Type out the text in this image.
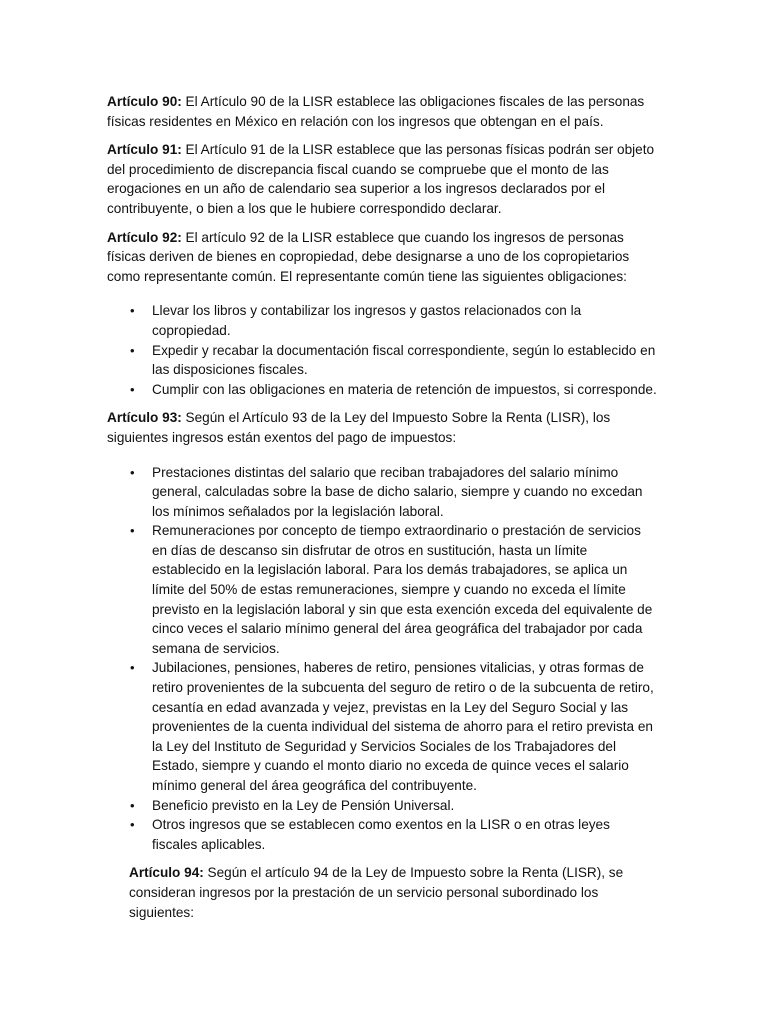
Artículo 90: El Artículo 90 de la LISR establece las obligaciones fiscales de las personas físicas residentes en México en relación con los ingresos que obtengan en el país.

Artículo 91: El Artículo 91 de la LISR establece que las personas físicas podrán ser objeto del procedimiento de discrepancia fiscal cuando se compruebe que el monto de las erogaciones en un año de calendario sea superior a los ingresos declarados por el contribuyente, o bien a los que le hubiere correspondido declarar.

Artículo 92: El artículo 92 de la LISR establece que cuando los ingresos de personas físicas deriven de bienes en copropiedad, debe designarse a uno de los copropietarios como representante común. El representante común tiene las siguientes obligaciones:

• Llevar los libros y contabilizar los ingresos y gastos relacionados con la copropiedad.
• Expedir y recabar la documentación fiscal correspondiente, según lo establecido en las disposiciones fiscales.
• Cumplir con las obligaciones en materia de retención de impuestos, si corresponde.

Artículo 93: Según el Artículo 93 de la Ley del Impuesto Sobre la Renta (LISR), los siguientes ingresos están exentos del pago de impuestos:

• Prestaciones distintas del salario que reciban trabajadores del salario mínimo general, calculadas sobre la base de dicho salario, siempre y cuando no excedan los mínimos señalados por la legislación laboral.
• Remuneraciones por concepto de tiempo extraordinario o prestación de servicios en días de descanso sin disfrutar de otros en sustitución, hasta un límite establecido en la legislación laboral. Para los demás trabajadores, se aplica un límite del 50% de estas remuneraciones, siempre y cuando no exceda el límite previsto en la legislación laboral y sin que esta exención exceda del equivalente de cinco veces el salario mínimo general del área geográfica del trabajador por cada semana de servicios.
• Jubilaciones, pensiones, haberes de retiro, pensiones vitalicias, y otras formas de retiro provenientes de la subcuenta del seguro de retiro o de la subcuenta de retiro, cesantía en edad avanzada y vejez, previstas en la Ley del Seguro Social y las provenientes de la cuenta individual del sistema de ahorro para el retiro prevista en la Ley del Instituto de Seguridad y Servicios Sociales de los Trabajadores del Estado, siempre y cuando el monto diario no exceda de quince veces el salario mínimo general del área geográfica del contribuyente.
• Beneficio previsto en la Ley de Pensión Universal.
• Otros ingresos que se establecen como exentos en la LISR o en otras leyes fiscales aplicables.

Artículo 94: Según el artículo 94 de la Ley de Impuesto sobre la Renta (LISR), se consideran ingresos por la prestación de un servicio personal subordinado los siguientes:
